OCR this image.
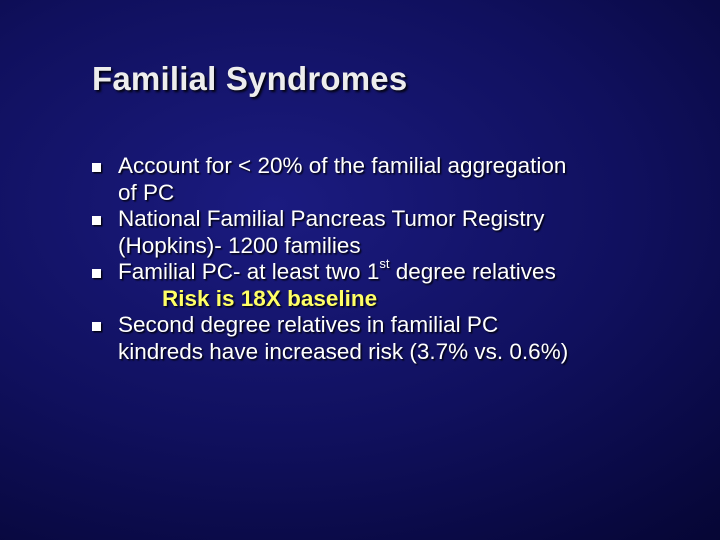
Familial Syndromes
Account for < 20% of the familial aggregation
of PC
National Familial Pancreas Tumor Registry
(Hopkins)- 1200 families
Familial PC- at least two 1st degree relatives
Risk is 18X baseline
Second degree relatives in familial PC
kindreds have increased risk (3.7% vs. 0.6%)
